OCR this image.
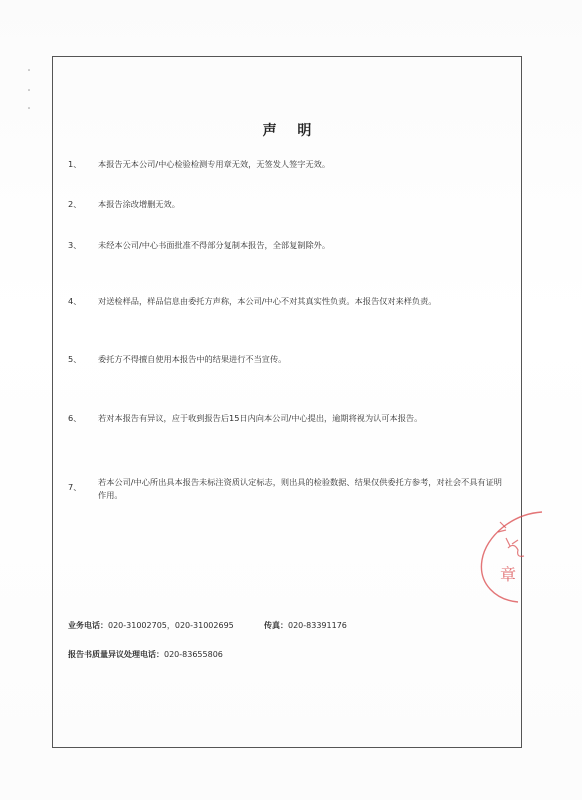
声 明
1、	本报告无本公司/中心检验检测专用章无效，无签发人签字无效。
2、	本报告涂改增删无效。
3、	未经本公司/中心书面批准不得部分复制本报告，全部复制除外。
4、	对送检样品，样品信息由委托方声称，本公司/中心不对其真实性负责。本报告仅对来样负责。
5、	委托方不得擅自使用本报告中的结果进行不当宣传。
6、	若对本报告有异议，应于收到报告后15日内向本公司/中心提出，逾期将视为认可本报告。
7、	若本公司/中心所出具本报告未标注资质认定标志，则出具的检验数据、结果仅供委托方参考，对社会不具有证明作用。
业务电话：020-31002705，020-31002695	传真：020-83391176
报告书质量异议处理电话：020-83655806
章
